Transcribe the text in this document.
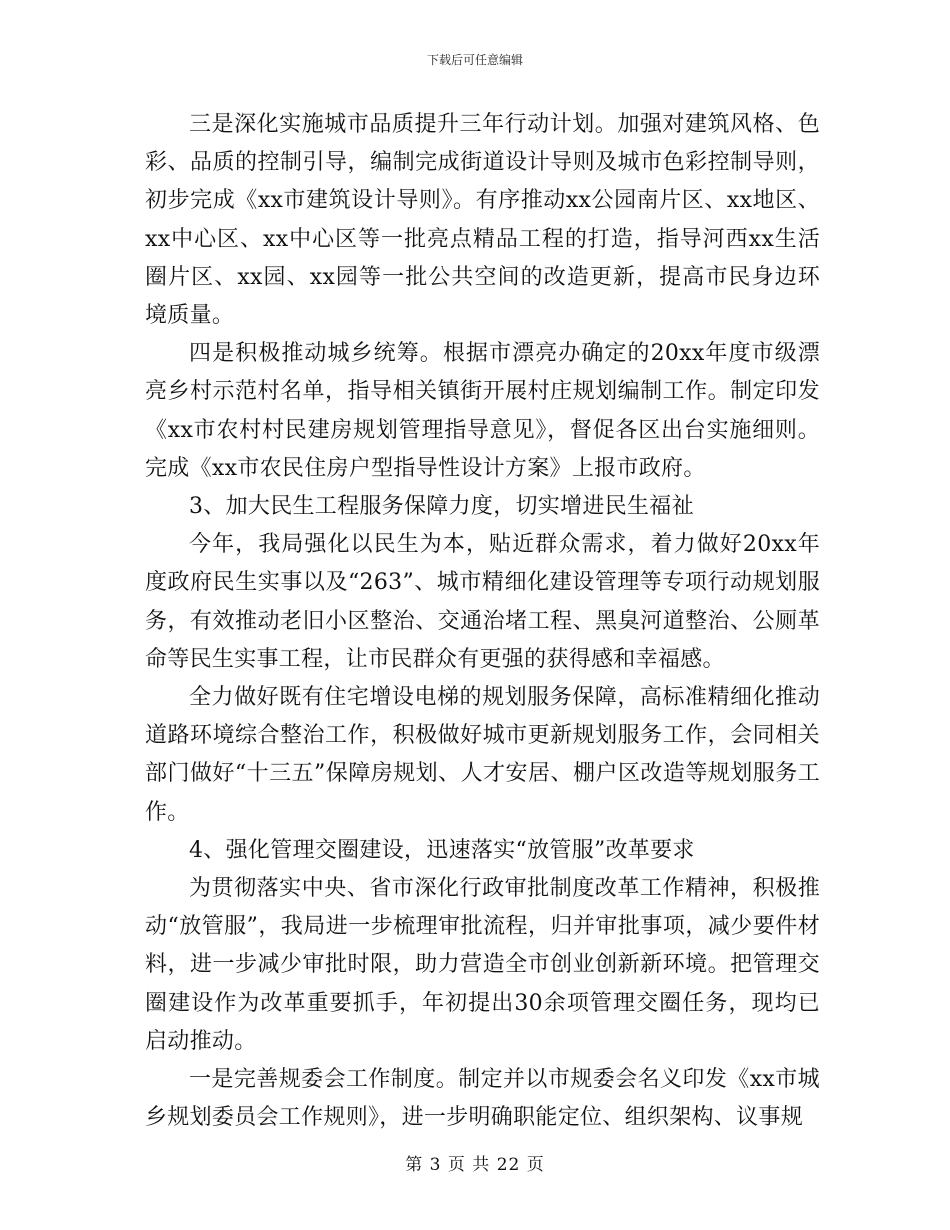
下载后可任意编辑

三是深化实施城市品质提升三年行动计划。加强对建筑风格、色彩、品质的控制引导，编制完成街道设计导则及城市色彩控制导则，初步完成《xx市建筑设计导则》。有序推动xx公园南片区、xx地区、xx中心区、xx中心区等一批亮点精品工程的打造，指导河西xx生活圈片区、xx园、xx园等一批公共空间的改造更新，提高市民身边环境质量。

四是积极推动城乡统筹。根据市漂亮办确定的20xx年度市级漂亮乡村示范村名单，指导相关镇街开展村庄规划编制工作。制定印发《xx市农村村民建房规划管理指导意见》，督促各区出台实施细则。完成《xx市农民住房户型指导性设计方案》上报市政府。

3、加大民生工程服务保障力度，切实增进民生福祉

今年，我局强化以民生为本，贴近群众需求，着力做好20xx年度政府民生实事以及“263”、城市精细化建设管理等专项行动规划服务，有效推动老旧小区整治、交通治堵工程、黑臭河道整治、公厕革命等民生实事工程，让市民群众有更强的获得感和幸福感。

全力做好既有住宅增设电梯的规划服务保障，高标准精细化推动道路环境综合整治工作，积极做好城市更新规划服务工作，会同相关部门做好“十三五”保障房规划、人才安居、棚户区改造等规划服务工作。

4、强化管理交圈建设，迅速落实“放管服”改革要求

为贯彻落实中央、省市深化行政审批制度改革工作精神，积极推动“放管服”，我局进一步梳理审批流程，归并审批事项，减少要件材料，进一步减少审批时限，助力营造全市创业创新新环境。把管理交圈建设作为改革重要抓手，年初提出30余项管理交圈任务，现均已启动推动。

一是完善规委会工作制度。制定并以市规委会名义印发《xx市城乡规划委员会工作规则》，进一步明确职能定位、组织架构、议事规

第 3 页 共 22 页
